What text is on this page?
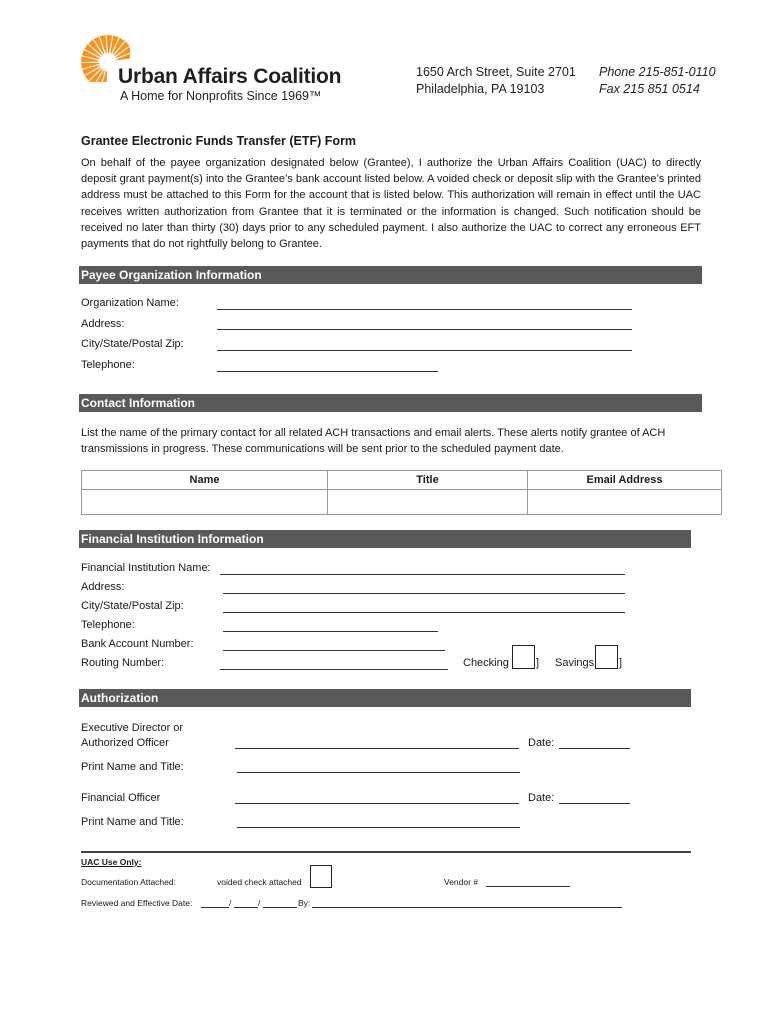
Urban Affairs Coalition
A Home for Nonprofits Since 1969™
1650 Arch Street, Suite 2701
Philadelphia, PA 19103
Phone 215-851-0110
Fax 215 851 0514
Grantee Electronic Funds Transfer (ETF) Form
On behalf of the payee organization designated below (Grantee), I authorize the Urban Affairs Coalition (UAC) to directly deposit grant payment(s) into the Grantee’s bank account listed below. A voided check or deposit slip with the Grantee’s printed address must be attached to this Form for the account that is listed below. This authorization will remain in effect until the UAC receives written authorization from Grantee that it is terminated or the information is changed. Such notification should be received no later than thirty (30) days prior to any scheduled payment. I also authorize the UAC to correct any erroneous EFT payments that do not rightfully belong to Grantee.
Payee Organization Information
Organization Name:
Address:
City/State/Postal Zip:
Telephone:
Contact Information
List the name of the primary contact for all related ACH transactions and email alerts. These alerts notify grantee of ACH transmissions in progress. These communications will be sent prior to the scheduled payment date.
Name	Title	Email Address

Financial Institution Information
Financial Institution Name:
Address:
City/State/Postal Zip:
Telephone:
Bank Account Number:
Routing Number:	Checking ] Savings ]
Authorization
Executive Director or
Authorized Officer	Date:
Print Name and Title:
Financial Officer	Date:
Print Name and Title:
UAC Use Only:
Documentation Attached:	voided check attached	Vendor #
Reviewed and Effective Date:	/	/	By:
